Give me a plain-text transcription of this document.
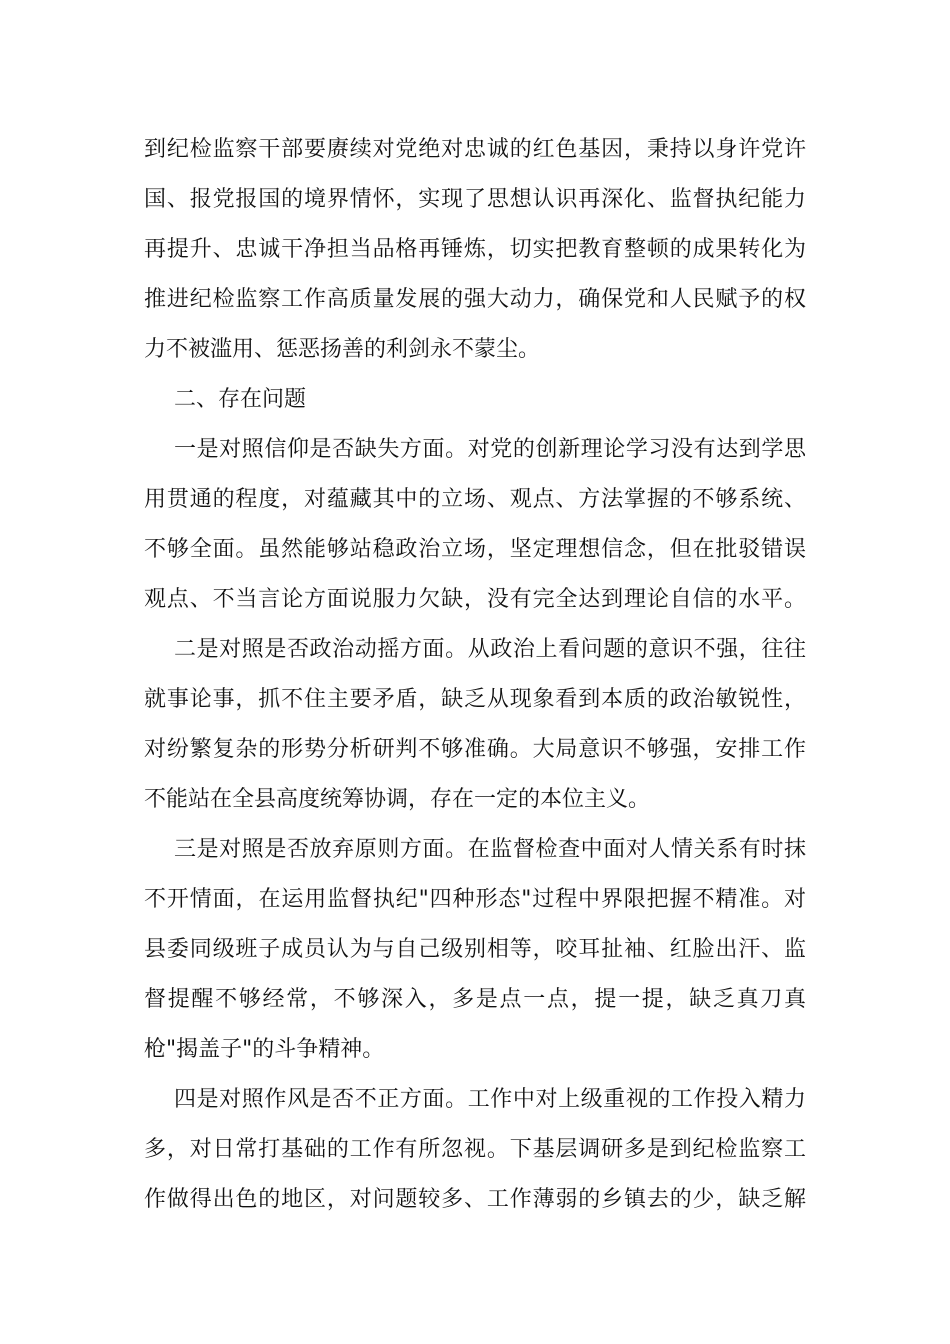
到纪检监察干部要赓续对党绝对忠诚的红色基因，秉持以身许党许
国、报党报国的境界情怀，实现了思想认识再深化、监督执纪能力
再提升、忠诚干净担当品格再锤炼，切实把教育整顿的成果转化为
推进纪检监察工作高质量发展的强大动力，确保党和人民赋予的权
力不被滥用、惩恶扬善的利剑永不蒙尘。
二、存在问题
一是对照信仰是否缺失方面。对党的创新理论学习没有达到学思
用贯通的程度，对蕴藏其中的立场、观点、方法掌握的不够系统、
不够全面。虽然能够站稳政治立场，坚定理想信念，但在批驳错误
观点、不当言论方面说服力欠缺，没有完全达到理论自信的水平。
二是对照是否政治动摇方面。从政治上看问题的意识不强，往往
就事论事，抓不住主要矛盾，缺乏从现象看到本质的政治敏锐性，
对纷繁复杂的形势分析研判不够准确。大局意识不够强，安排工作
不能站在全县高度统筹协调，存在一定的本位主义。
三是对照是否放弃原则方面。在监督检查中面对人情关系有时抹
不开情面，在运用监督执纪"四种形态"过程中界限把握不精准。对
县委同级班子成员认为与自己级别相等，咬耳扯袖、红脸出汗、监
督提醒不够经常，不够深入，多是点一点，提一提，缺乏真刀真
枪"揭盖子"的斗争精神。
四是对照作风是否不正方面。工作中对上级重视的工作投入精力
多，对日常打基础的工作有所忽视。下基层调研多是到纪检监察工
作做得出色的地区，对问题较多、工作薄弱的乡镇去的少，缺乏解
